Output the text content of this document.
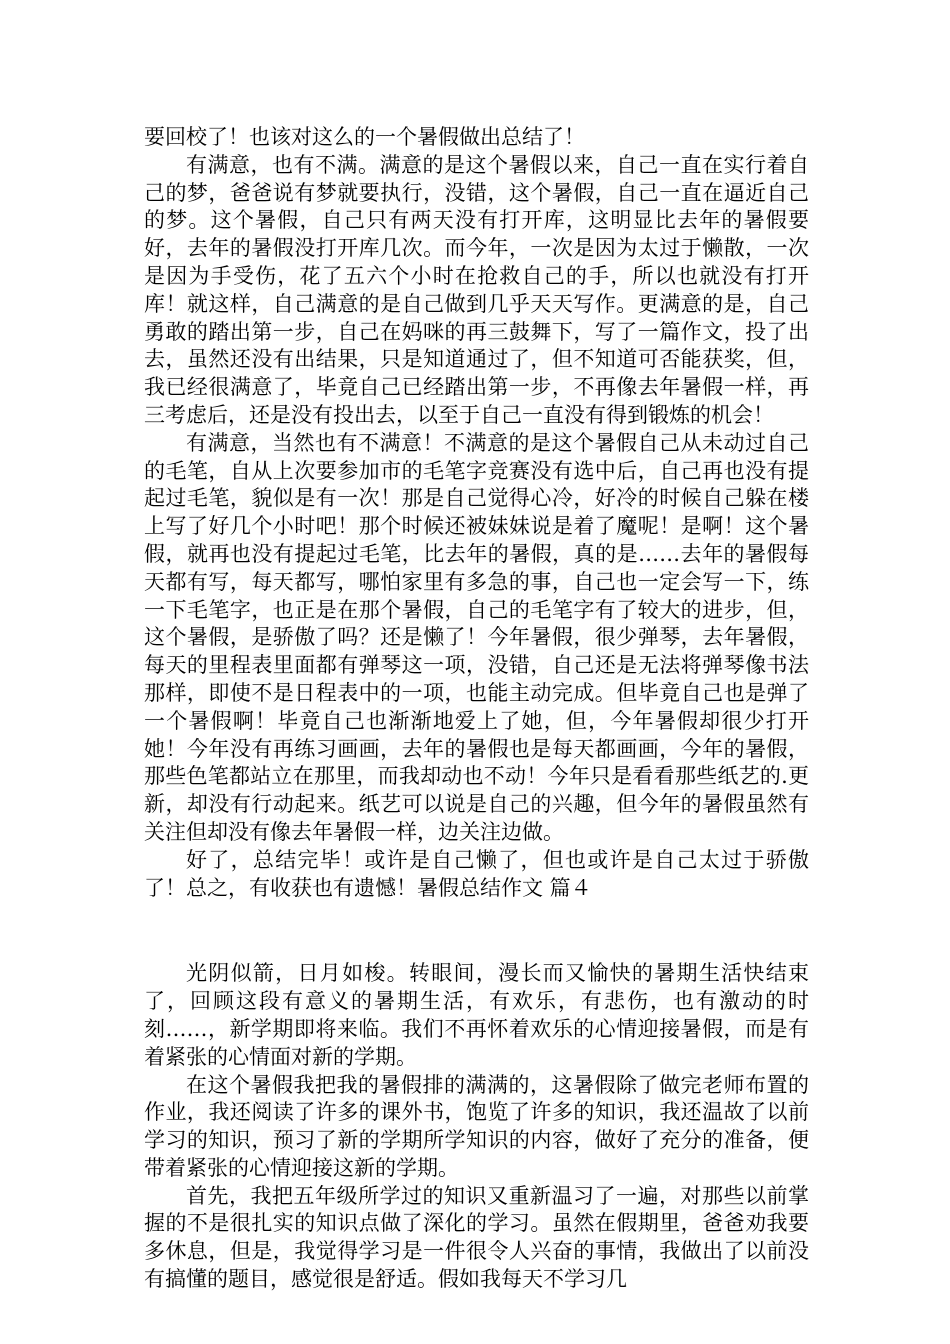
要回校了！也该对这么的一个暑假做出总结了！

有满意，也有不满。满意的是这个暑假以来，自己一直在实行着自己的梦，爸爸说有梦就要执行，没错，这个暑假，自己一直在逼近自己的梦。这个暑假，自己只有两天没有打开库，这明显比去年的暑假要好，去年的暑假没打开库几次。而今年，一次是因为太过于懒散，一次是因为手受伤，花了五六个小时在抢救自己的手，所以也就没有打开库！就这样，自己满意的是自己做到几乎天天写作。更满意的是，自己勇敢的踏出第一步，自己在妈咪的再三鼓舞下，写了一篇作文，投了出去，虽然还没有出结果，只是知道通过了，但不知道可否能获奖，但，我已经很满意了，毕竟自己已经踏出第一步，不再像去年暑假一样，再三考虑后，还是没有投出去，以至于自己一直没有得到锻炼的机会！

有满意，当然也有不满意！不满意的是这个暑假自己从未动过自己的毛笔，自从上次要参加市的毛笔字竞赛没有选中后，自己再也没有提起过毛笔，貌似是有一次！那是自己觉得心冷，好冷的时候自己躲在楼上写了好几个小时吧！那个时候还被妹妹说是着了魔呢！是啊！这个暑假，就再也没有提起过毛笔，比去年的暑假，真的是……去年的暑假每天都有写，每天都写，哪怕家里有多急的事，自己也一定会写一下，练一下毛笔字，也正是在那个暑假，自己的毛笔字有了较大的进步，但，这个暑假，是骄傲了吗？还是懒了！今年暑假，很少弹琴，去年暑假，每天的里程表里面都有弹琴这一项，没错，自己还是无法将弹琴像书法那样，即使不是日程表中的一项，也能主动完成。但毕竟自己也是弹了一个暑假啊！毕竟自己也渐渐地爱上了她，但，今年暑假却很少打开她！今年没有再练习画画，去年的暑假也是每天都画画，今年的暑假，那些色笔都站立在那里，而我却动也不动！今年只是看看那些纸艺的.更新，却没有行动起来。纸艺可以说是自己的兴趣，但今年的暑假虽然有关注但却没有像去年暑假一样，边关注边做。

好了，总结完毕！或许是自己懒了，但也或许是自己太过于骄傲了！总之，有收获也有遗憾！暑假总结作文 篇４

光阴似箭，日月如梭。转眼间，漫长而又愉快的暑期生活快结束了，回顾这段有意义的暑期生活，有欢乐，有悲伤，也有激动的时刻……，新学期即将来临。我们不再怀着欢乐的心情迎接暑假，而是有着紧张的心情面对新的学期。

在这个暑假我把我的暑假排的满满的，这暑假除了做完老师布置的作业，我还阅读了许多的课外书，饱览了许多的知识，我还温故了以前学习的知识，预习了新的学期所学知识的内容，做好了充分的准备，便带着紧张的心情迎接这新的学期。

首先，我把五年级所学过的知识又重新温习了一遍，对那些以前掌握的不是很扎实的知识点做了深化的学习。虽然在假期里，爸爸劝我要多休息，但是，我觉得学习是一件很令人兴奋的事情，我做出了以前没有搞懂的题目，感觉很是舒适。假如我每天不学习几
